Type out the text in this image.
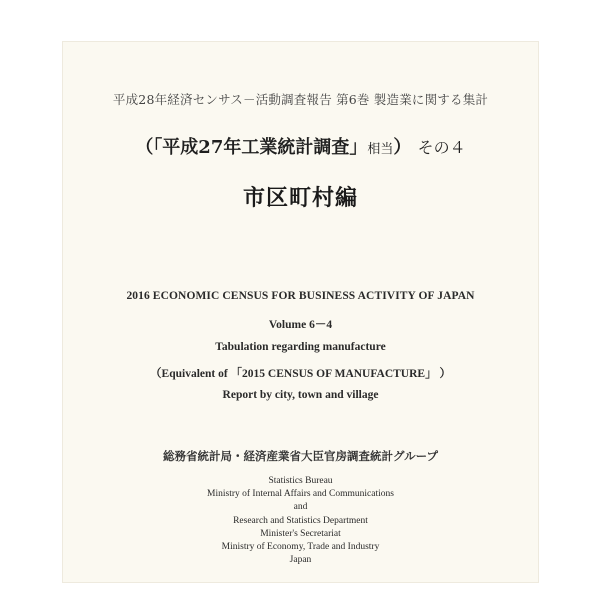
平成28年経済センサス－活動調査報告 第6巻 製造業に関する集計
（「平成27年工業統計調査」相当） その４
市区町村編
2016 ECONOMIC CENSUS FOR BUSINESS ACTIVITY OF JAPAN
Volume 6－4
Tabulation regarding manufacture
（Equivalent of 「2015 CENSUS OF MANUFACTURE」 ）
Report by city, town and village
総務省統計局・経済産業省大臣官房調査統計グループ
Statistics Bureau
Ministry of Internal Affairs and Communications
and
Research and Statistics Department
Minister's Secretariat
Ministry of Economy, Trade and Industry
Japan
